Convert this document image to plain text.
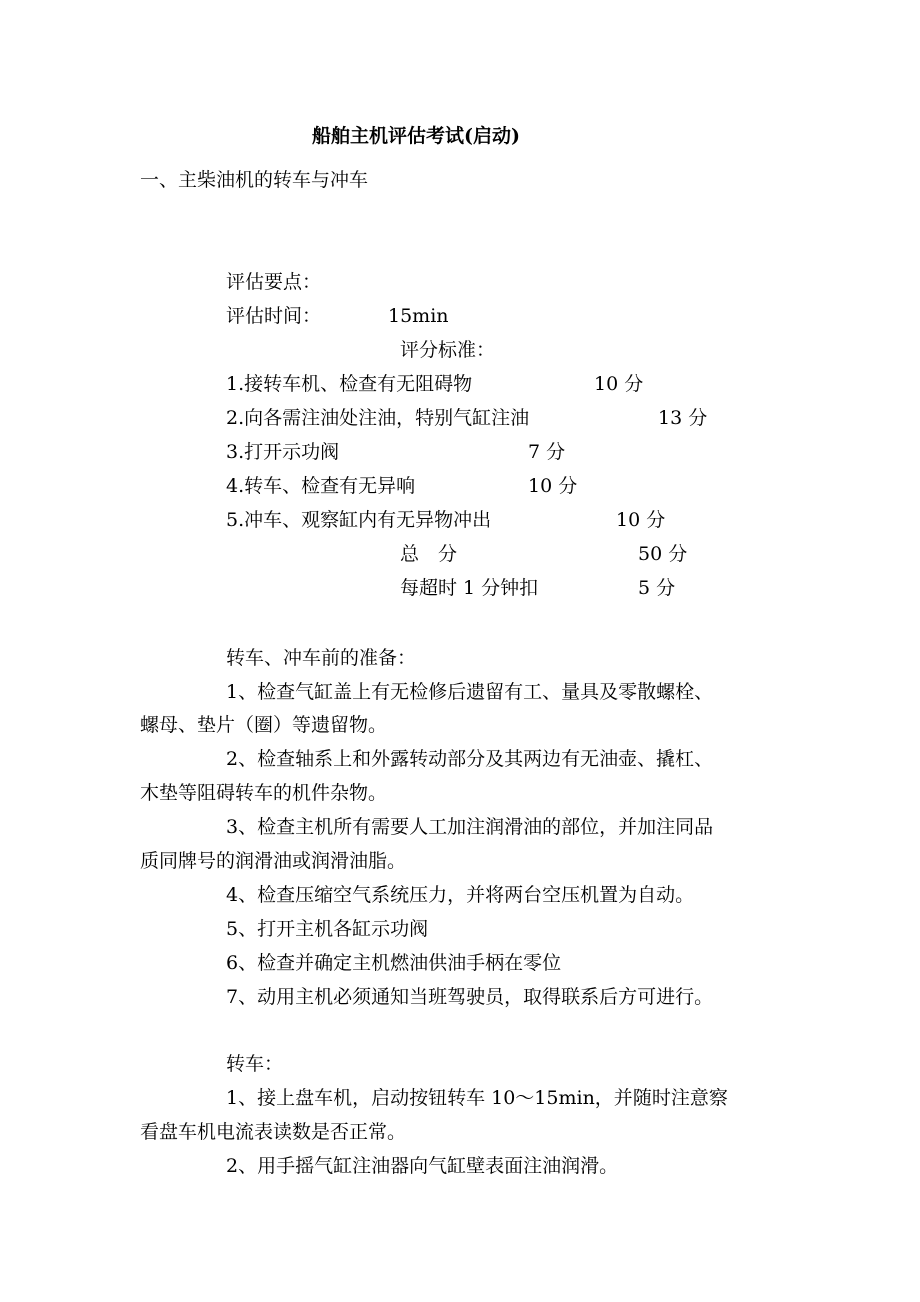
船舶主机评估考试(启动)
一、主柴油机的转车与冲车
评估要点：
评估时间：	15min
评分标准：
1.接转车机、检查有无阻碍物	10 分
2.向各需注油处注油，特别气缸注油	13 分
3.打开示功阀	7 分
4.转车、检查有无异响	10 分
5.冲车、观察缸内有无异物冲出	10 分
总　分	50 分
每超时 1 分钟扣	5 分
转车、冲车前的准备：
1、检查气缸盖上有无检修后遗留有工、量具及零散螺栓、
螺母、垫片（圈）等遗留物。
2、检查轴系上和外露转动部分及其两边有无油壶、撬杠、
木垫等阻碍转车的机件杂物。
3、检查主机所有需要人工加注润滑油的部位，并加注同品
质同牌号的润滑油或润滑油脂。
4、检查压缩空气系统压力，并将两台空压机置为自动。
5、打开主机各缸示功阀
6、检查并确定主机燃油供油手柄在零位
7、动用主机必须通知当班驾驶员，取得联系后方可进行。
转车：
1、接上盘车机，启动按钮转车 10～15min，并随时注意察
看盘车机电流表读数是否正常。
2、用手摇气缸注油器向气缸壁表面注油润滑。
